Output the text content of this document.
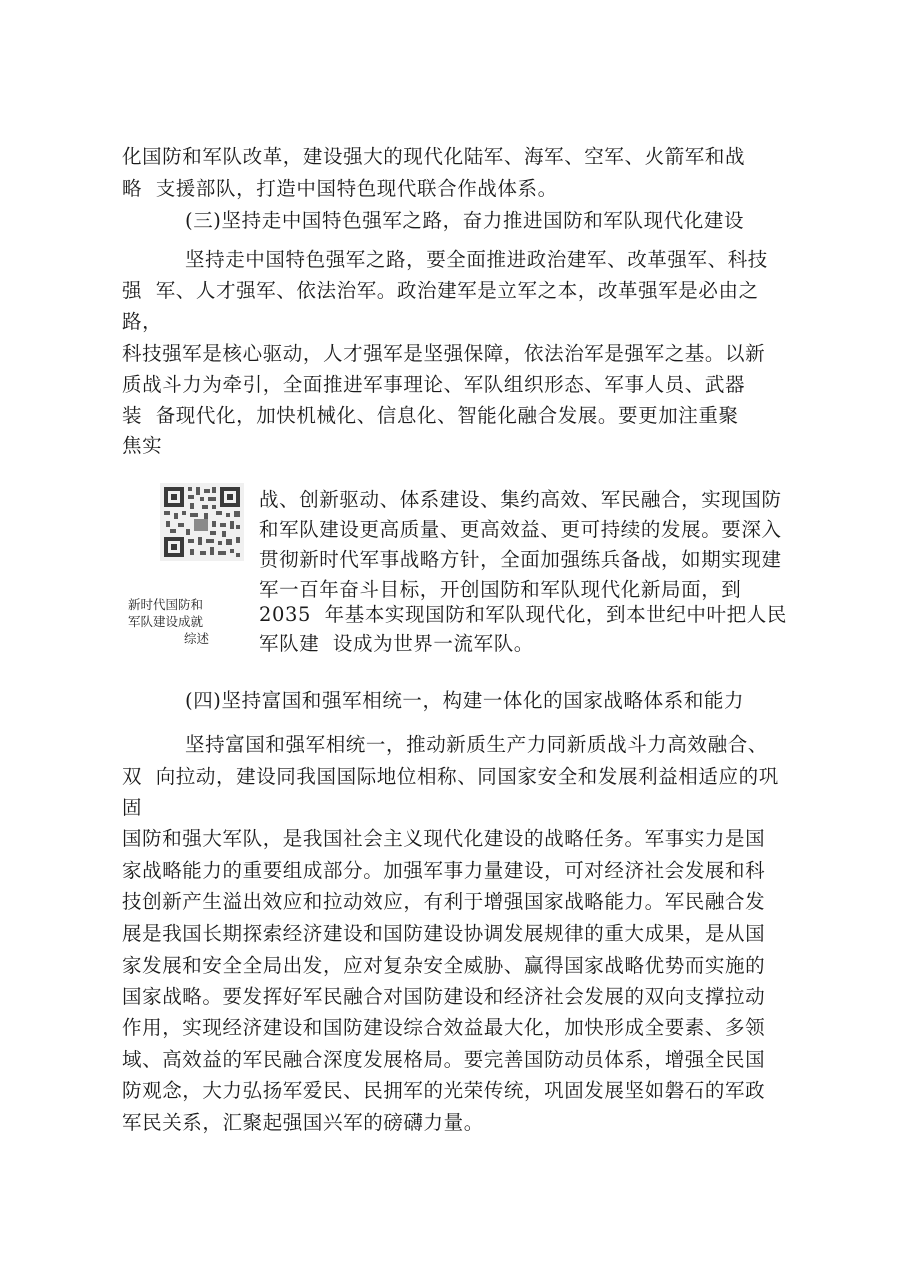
化国防和军队改革，建设强大的现代化陆军、海军、空军、火箭军和战
略  支援部队，打造中国特色现代联合作战体系。
(三)坚持走中国特色强军之路，奋力推进国防和军队现代化建设
坚持走中国特色强军之路，要全面推进政治建军、改革强军、科技
强  军、人才强军、依法治军。政治建军是立军之本，改革强军是必由之
路，
科技强军是核心驱动，人才强军是坚强保障，依法治军是强军之基。以新
质战斗力为牵引，全面推进军事理论、军队组织形态、军事人员、武器
装  备现代化，加快机械化、信息化、智能化融合发展。要更加注重聚
焦实
新时代国防和
军队建设成就
综述
战、创新驱动、体系建设、集约高效、军民融合，实现国防
和军队建设更高质量、更高效益、更可持续的发展。要深入
贯彻新时代军事战略方针，全面加强练兵备战，如期实现建
军一百年奋斗目标，开创国防和军队现代化新局面，到
2035  年基本实现国防和军队现代化，到本世纪中叶把人民
军队建  设成为世界一流军队。
(四)坚持富国和强军相统一，构建一体化的国家战略体系和能力
坚持富国和强军相统一，推动新质生产力同新质战斗力高效融合、
双  向拉动，建设同我国国际地位相称、同国家安全和发展利益相适应的巩
固
国防和强大军队，是我国社会主义现代化建设的战略任务。军事实力是国
家战略能力的重要组成部分。加强军事力量建设，可对经济社会发展和科
技创新产生溢出效应和拉动效应，有利于增强国家战略能力。军民融合发
展是我国长期探索经济建设和国防建设协调发展规律的重大成果，是从国
家发展和安全全局出发，应对复杂安全威胁、赢得国家战略优势而实施的
国家战略。要发挥好军民融合对国防建设和经济社会发展的双向支撑拉动
作用，实现经济建设和国防建设综合效益最大化，加快形成全要素、多领
域、高效益的军民融合深度发展格局。要完善国防动员体系，增强全民国
防观念，大力弘扬军爱民、民拥军的光荣传统，巩固发展坚如磐石的军政
军民关系，汇聚起强国兴军的磅礴力量。
